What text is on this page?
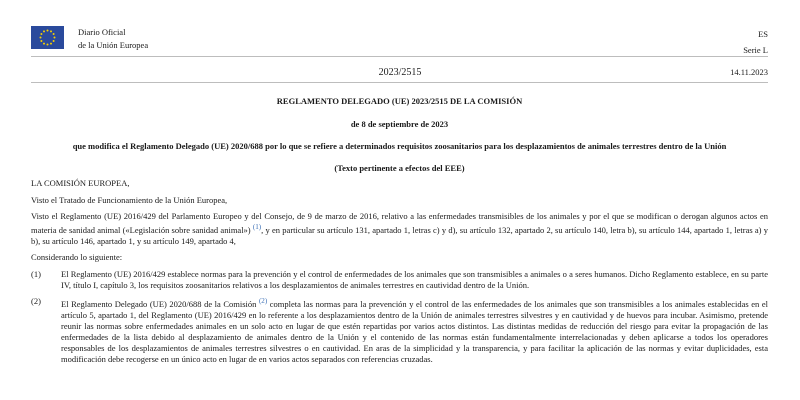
Diario Oficial
de la Unión Europea
ES
Serie L
2023/2515	14.11.2023
REGLAMENTO DELEGADO (UE) 2023/2515 DE LA COMISIÓN
de 8 de septiembre de 2023
que modifica el Reglamento Delegado (UE) 2020/688 por lo que se refiere a determinados requisitos zoosanitarios para los desplazamientos de animales terrestres dentro de la Unión
(Texto pertinente a efectos del EEE)

LA COMISIÓN EUROPEA,

Visto el Tratado de Funcionamiento de la Unión Europea,

Visto el Reglamento (UE) 2016/429 del Parlamento Europeo y del Consejo, de 9 de marzo de 2016, relativo a las enfermedades transmisibles de los animales y por el que se modifican o derogan algunos actos en materia de sanidad animal («Legislación sobre sanidad animal») $^{(1)}$, y en particular su artículo 131, apartado 1, letras c) y d), su artículo 132, apartado 2, su artículo 140, letra b), su artículo 144, apartado 1, letras a) y b), su artículo 146, apartado 1, y su artículo 149, apartado 4,

Considerando lo siguiente:

(1)	El Reglamento (UE) 2016/429 establece normas para la prevención y el control de enfermedades de los animales que son transmisibles a animales o a seres humanos. Dicho Reglamento establece, en su parte IV, título I, capítulo 3, los requisitos zoosanitarios relativos a los desplazamientos de animales terrestres en cautividad dentro de la Unión.
(2)	El Reglamento Delegado (UE) 2020/688 de la Comisión $^{(2)}$ completa las normas para la prevención y el control de las enfermedades de los animales que son transmisibles a los animales establecidas en el artículo 5, apartado 1, del Reglamento (UE) 2016/429 en lo referente a los desplazamientos dentro de la Unión de animales terrestres silvestres y en cautividad y de huevos para incubar. Asimismo, pretende reunir las normas sobre enfermedades animales en un solo acto en lugar de que estén repartidas por varios actos distintos. Las distintas medidas de reducción del riesgo para evitar la propagación de las enfermedades de la lista debido al desplazamiento de animales dentro de la Unión y el contenido de las normas están fundamentalmente interrelacionadas y deben aplicarse a todos los operadores responsables de los desplazamientos de animales terrestres silvestres o en cautividad. En aras de la simplicidad y la transparencia, y para facilitar la aplicación de las normas y evitar duplicidades, esta modificación debe recogerse en un único acto en lugar de en varios actos separados con referencias cruzadas.
